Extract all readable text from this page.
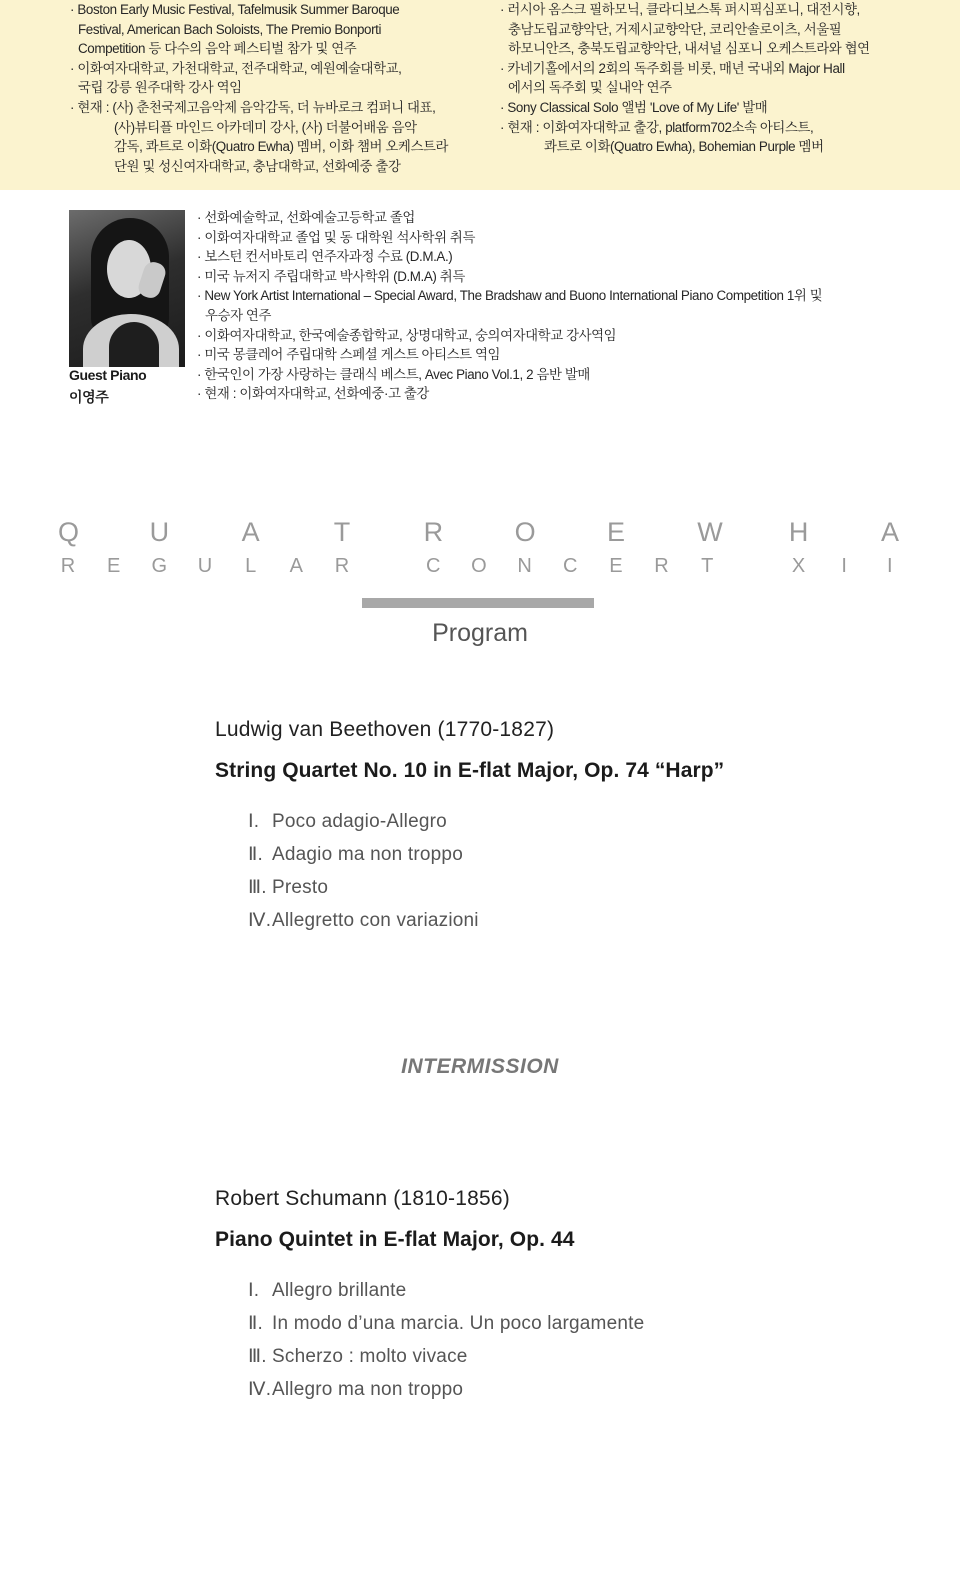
· Boston Early Music Festival, Tafelmusik Summer Baroque
Festival, American Bach Soloists, The Premio Bonporti
Competition 등 다수의 음악 페스티벌 참가 및 연주
· 이화여자대학교, 가천대학교, 전주대학교, 예원예술대학교,
국립 강릉 원주대학 강사 역임
· 현재 : (사) 춘천국제고음악제 음악감독, 더 뉴바로크 컴퍼니 대표,
(사)뷰티플 마인드 아카데미 강사, (사) 더불어배움 음악
감독, 콰트로 이화(Quatro Ewha) 멤버, 이화 챔버 오케스트라
단원 및 성신여자대학교, 충남대학교, 선화예중 출강
· 러시아 옴스크 필하모닉, 클라디보스톡 퍼시픽심포니, 대전시향,
충남도립교향악단, 거제시교향악단, 코리안솔로이츠, 서울필
하모니안즈, 충북도립교향악단, 내셔널 심포니 오케스트라와 협연
· 카네기홀에서의 2회의 독주회를 비롯, 매년 국내외 Major Hall
에서의 독주회 및 실내악 연주
· Sony Classical Solo 앨범 'Love of My Life' 발매
· 현재 : 이화여자대학교 출강, platform702소속 아티스트,
콰트로 이화(Quatro Ewha), Bohemian Purple 멤버
Guest Piano
이영주
· 선화예술학교, 선화예술고등학교 졸업
· 이화여자대학교 졸업 및 동 대학원 석사학위 취득
· 보스턴 컨서바토리 연주자과정 수료 (D.M.A.)
· 미국 뉴저지 주립대학교 박사학위 (D.M.A) 취득
· New York Artist International – Special Award, The Bradshaw and Buono International Piano Competition 1위 및
우승자 연주
· 이화여자대학교, 한국예술종합학교, 상명대학교, 숭의여자대학교 강사역임
· 미국 몽클레어 주립대학 스페셜 게스트 아티스트 역임
· 한국인이 가장 사랑하는 클래식 베스트, Avec Piano Vol.1, 2 음반 발매
· 현재 : 이화여자대학교, 선화예중·고 출강
Q	U	A	T	R	O	E	W H	A
R E G U L A R	C O N C E R T	X	I	I
Program
Ludwig van Beethoven (1770-1827)
String Quartet No. 10 in E-flat Major, Op. 74 “Harp”
Ⅰ. Poco adagio-Allegro
Ⅱ. Adagio ma non troppo
Ⅲ. Presto
Ⅳ.Allegretto con variazioni
INTERMISSION
Robert Schumann (1810-1856)
Piano Quintet in E-flat Major, Op. 44
Ⅰ. Allegro brillante
Ⅱ. In modo d’una marcia. Un poco largamente
Ⅲ. Scherzo : molto vivace
Ⅳ.Allegro ma non troppo
